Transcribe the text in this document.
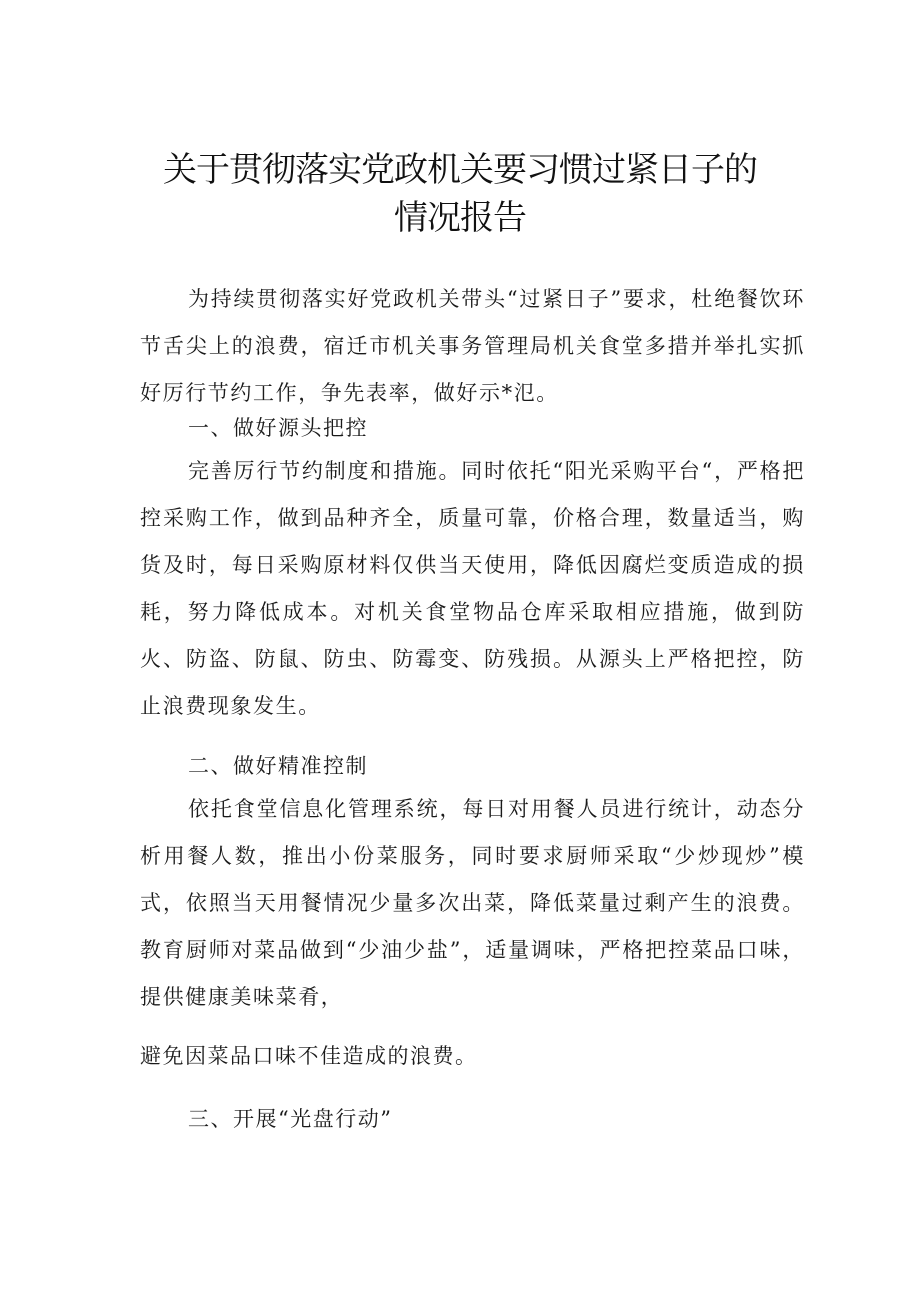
关于贯彻落实党政机关要习惯过紧日子的
情况报告
为持续贯彻落实好党政机关带头“过紧日子”要求，杜绝餐饮环节舌尖上的浪费，宿迁市机关事务管理局机关食堂多措并举扎实抓好厉行节约工作，争先表率，做好示*氾。
一、做好源头把控
完善厉行节约制度和措施。同时依托“阳光采购平台“，严格把控采购工作，做到品种齐全，质量可靠，价格合理，数量适当，购货及时，每日采购原材料仅供当天使用，降低因腐烂变质造成的损耗，努力降低成本。对机关食堂物品仓库采取相应措施，做到防火、防盗、防鼠、防虫、防霉变、防残损。从源头上严格把控，防止浪费现象发生。
二、做好精准控制
依托食堂信息化管理系统，每日对用餐人员进行统计，动态分析用餐人数，推出小份菜服务，同时要求厨师采取“少炒现炒”模式，依照当天用餐情况少量多次出菜，降低菜量过剩产生的浪费。教育厨师对菜品做到“少油少盐”，适量调味，严格把控菜品口味，提供健康美味菜肴，
避免因菜品口味不佳造成的浪费。
三、开展“光盘行动”
